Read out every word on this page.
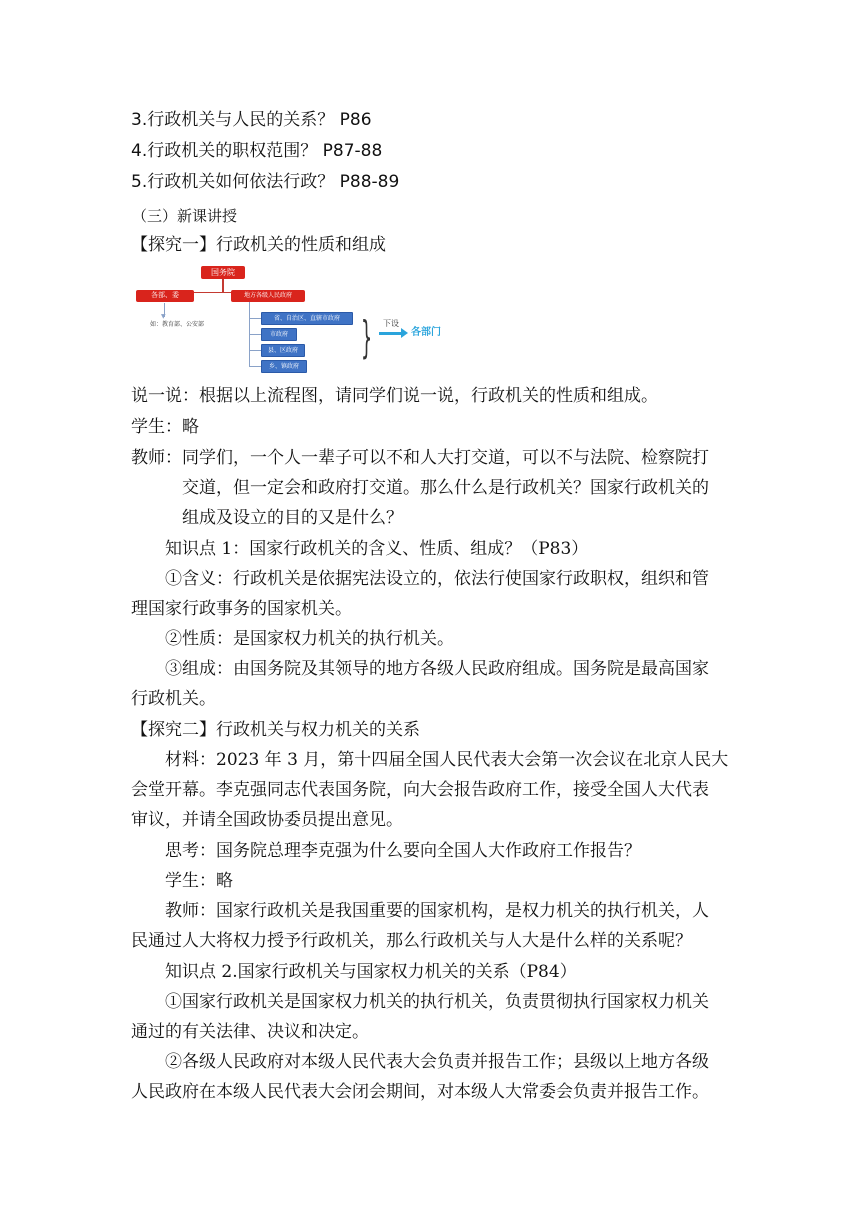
3.行政机关与人民的关系？ P86
4.行政机关的职权范围？ P87-88
5.行政机关如何依法行政？ P88-89
（三）新课讲授
【探究一】行政机关的性质和组成
国务院
各部、委	地方各级人民政府
▼
如：教育部、公安部
省、自治区、直辖市政府
市政府
县、区政府
乡、镇政府
} 下设
各部门
说一说：根据以上流程图，请同学们说一说，行政机关的性质和组成。
学生：略
教师：同学们，一个人一辈子可以不和人大打交道，可以不与法院、检察院打
交道，但一定会和政府打交道。那么什么是行政机关？国家行政机关的
组成及设立的目的又是什么？
知识点 1：国家行政机关的含义、性质、组成？（P83）
①含义：行政机关是依据宪法设立的，依法行使国家行政职权，组织和管
理国家行政事务的国家机关。
②性质：是国家权力机关的执行机关。
③组成：由国务院及其领导的地方各级人民政府组成。国务院是最高国家
行政机关。
【探究二】行政机关与权力机关的关系
材料：2023 年 3 月，第十四届全国人民代表大会第一次会议在北京人民大
会堂开幕。李克强同志代表国务院，向大会报告政府工作，接受全国人大代表
审议，并请全国政协委员提出意见。
思考：国务院总理李克强为什么要向全国人大作政府工作报告？
学生：略
教师：国家行政机关是我国重要的国家机构，是权力机关的执行机关，人
民通过人大将权力授予行政机关，那么行政机关与人大是什么样的关系呢？
知识点 2.国家行政机关与国家权力机关的关系（P84）
①国家行政机关是国家权力机关的执行机关，负责贯彻执行国家权力机关
通过的有关法律、决议和决定。
②各级人民政府对本级人民代表大会负责并报告工作；县级以上地方各级
人民政府在本级人民代表大会闭会期间，对本级人大常委会负责并报告工作。
